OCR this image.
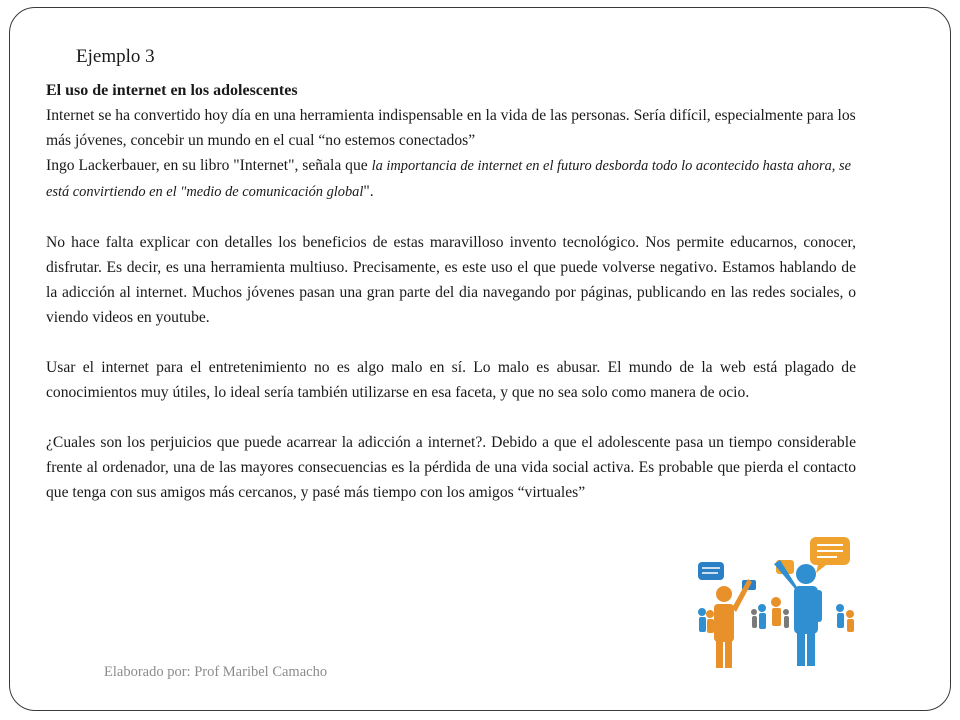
Ejemplo 3

El uso de internet en los adolescentes

Internet se ha convertido hoy día en una herramienta indispensable en la vida de las personas. Sería difícil, especialmente para los más jóvenes, concebir un mundo en el cual “no estemos conectados”

Ingo Lackerbauer, en su libro "Internet", señala que la importancia de internet en el futuro desborda todo lo acontecido hasta ahora, se está convirtiendo en el "medio de comunicación global".

No hace falta explicar con detalles los beneficios de estas maravilloso invento tecnológico. Nos permite educarnos, conocer, disfrutar. Es decir, es una herramienta multiuso. Precisamente, es este uso el que puede volverse negativo. Estamos hablando de la adicción al internet. Muchos jóvenes pasan una gran parte del dia navegando por páginas, publicando en las redes sociales, o viendo videos en youtube.

Usar el internet para el entretenimiento no es algo malo en sí. Lo malo es abusar. El mundo de la web está plagado de conocimientos muy útiles, lo ideal sería también utilizarse en esa faceta, y que no sea solo como manera de ocio.

¿Cuales son los perjuicios que puede acarrear la adicción a internet?. Debido a que el adolescente pasa un tiempo considerable frente al ordenador, una de las mayores consecuencias es la pérdida de una vida social activa. Es probable que pierda el contacto que tenga con sus amigos más cercanos, y pasé más tiempo con los amigos “virtuales”

Elaborado por: Prof Maribel Camacho
